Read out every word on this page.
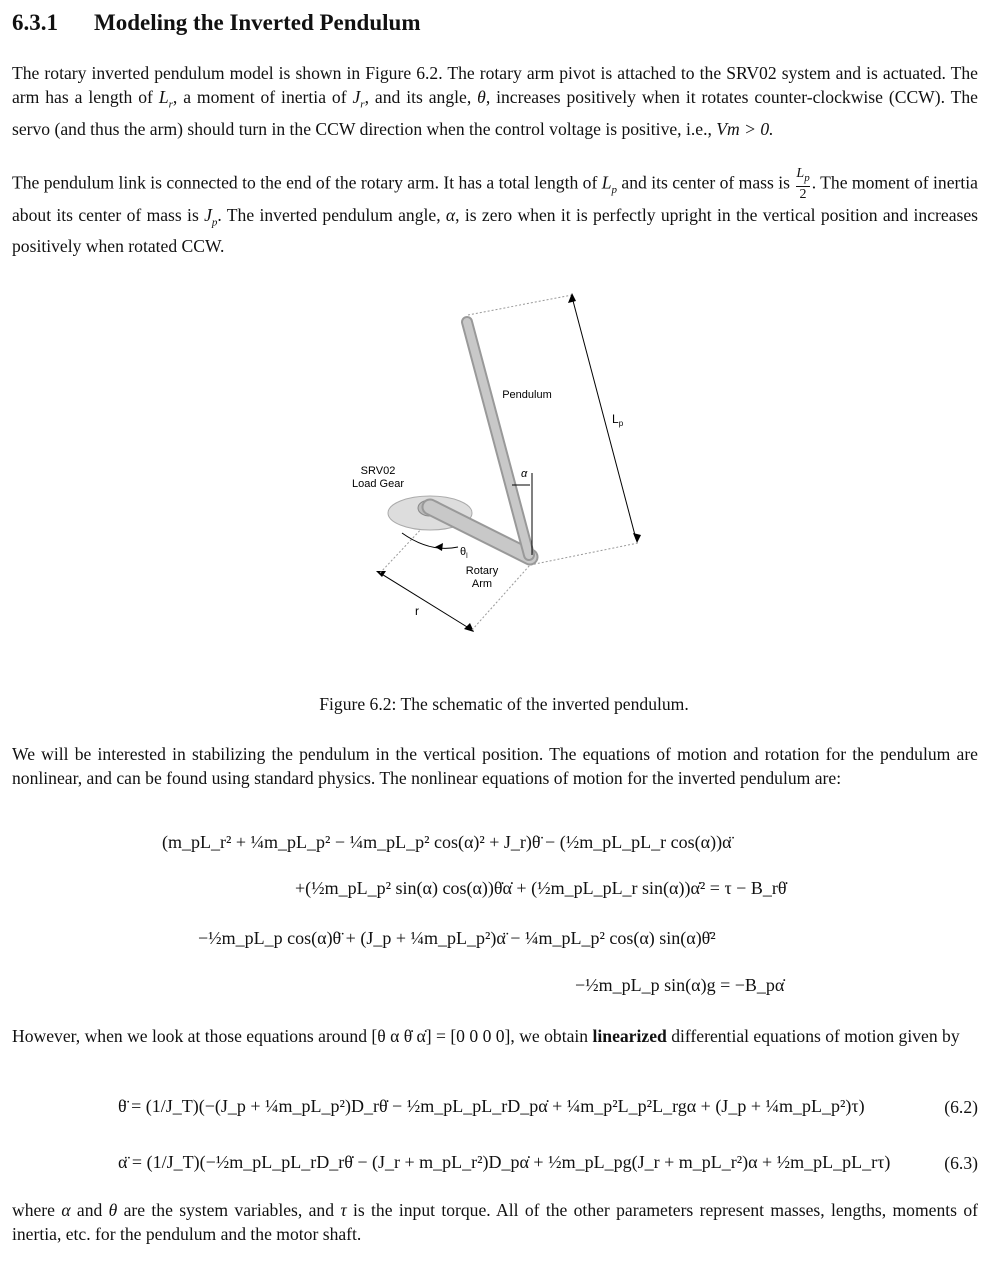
6.3.1 Modeling the Inverted Pendulum

The rotary inverted pendulum model is shown in Figure 6.2. The rotary arm pivot is attached to the SRV02 system and is actuated. The arm has a length of $L_r$, a moment of inertia of $J_r$, and its angle, θ, increases positively when it rotates counter-clockwise (CCW). The servo (and thus the arm) should turn in the CCW direction when the control voltage is positive, i.e., Vm > 0.

The pendulum link is connected to the end of the rotary arm. It has a total length of $L_p$ and its center of mass is $\frac{L_p}{2}$ . The moment of inertia about its center of mass is $J_p$. The inverted pendulum angle, α, is zero when it is perfectly upright in the vertical position and increases positively when rotated CCW.

SRV02
Load Gear
Pendulum
$L_p$
α
$\theta_l$
Rotary
Arm
r

Figure 6.2: The schematic of the inverted pendulum.

We will be interested in stabilizing the pendulum in the vertical position. The equations of motion and rotation for the pendulum are nonlinear, and can be found using standard physics. The nonlinear equations of motion for the inverted pendulum are:

(m_pL_r² + ¼m_pL_p² − ¼m_pL_p² cos(α)² + J_r)θ̈ − (½m_pL_pL_r cos(α))α̈
+(½m_pL_p² sin(α) cos(α))θ̇α̇ + (½m_pL_pL_r sin(α))α̇² = τ − B_rθ̇
−½m_pL_p cos(α)θ̈ + (J_p + ¼m_pL_p²)α̈ − ¼m_pL_p² cos(α) sin(α)θ̇²
−½m_pL_p sin(α)g = −B_pα̇

However, when we look at those equations around [θ α θ̇ α̇] = [0 0 0 0], we obtain linearized differential equations of motion given by

θ̈ = (1/J_T)(−(J_p + ¼m_pL_p²)D_rθ̇ − ½m_pL_pL_rD_pα̇ + ¼m_p²L_p²L_rgα + (J_p + ¼m_pL_p²)τ)	(6.2)
α̈ = (1/J_T)(−½m_pL_pL_rD_rθ̇ − (J_r + m_pL_r²)D_pα̇ + ½m_pL_pg(J_r + m_pL_r²)α + ½m_pL_pL_rτ)	(6.3)

where α and θ are the system variables, and τ is the input torque. All of the other parameters represent masses, lengths, moments of inertia, etc. for the pendulum and the motor shaft.
